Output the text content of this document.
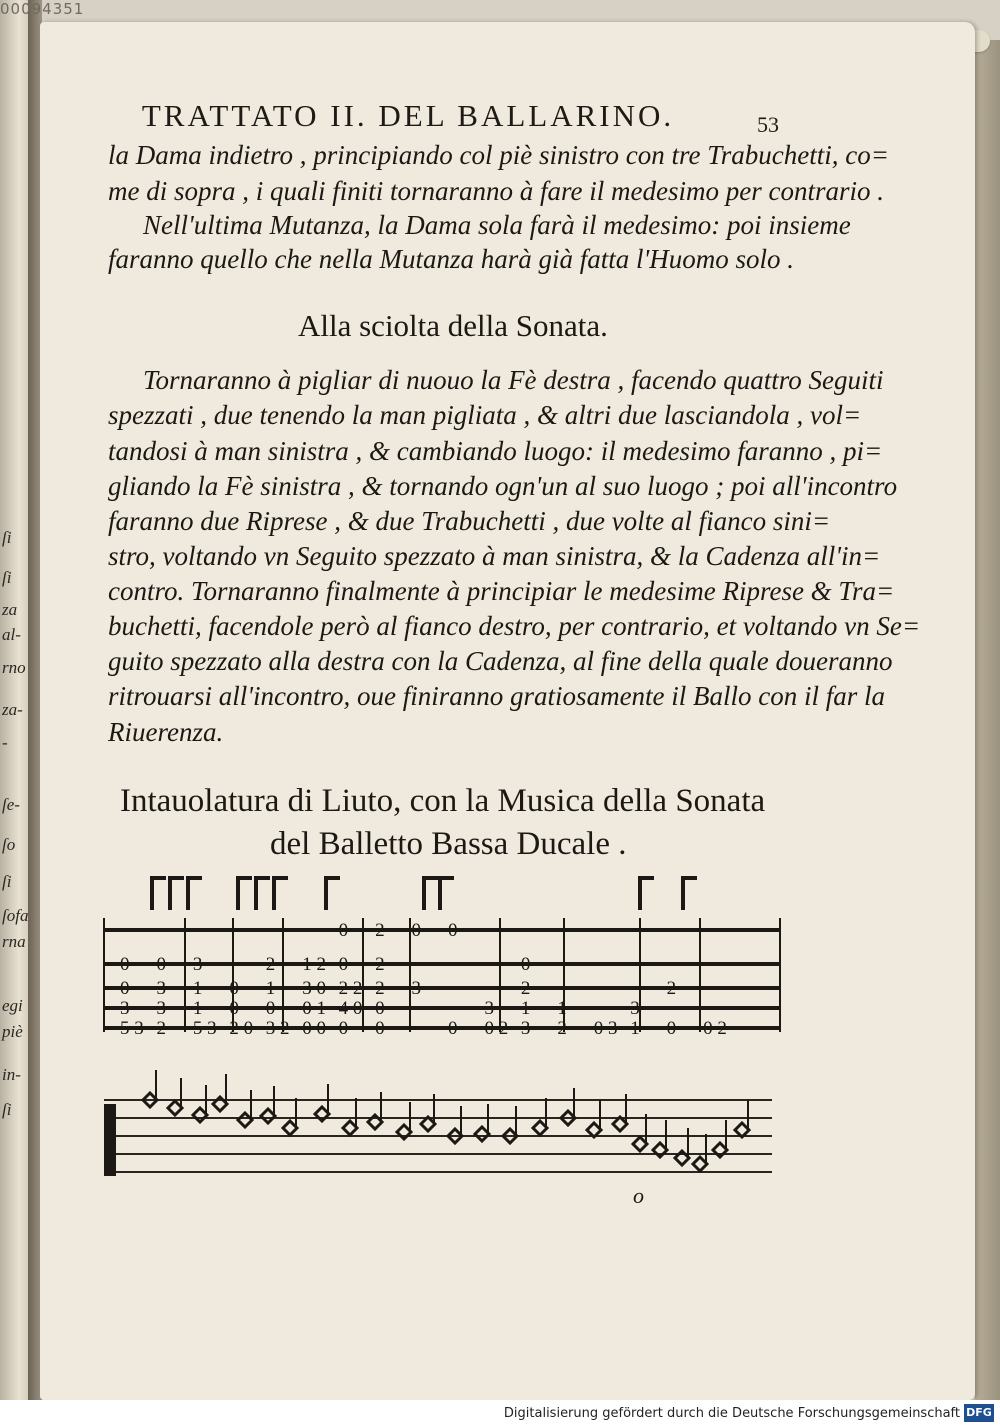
ſi
ſi
za
al-
rno
za-
-
ſe-
ſo
ſi
ſofa
rna
egi
piè
in-
ſi
00094351
TRATTATO II. DEL BALLARINO.	53
la Dama indietro , principiando col piè sinistro con tre Trabuchetti, co=
me di sopra , i quali finiti tornaranno à fare il medesimo per contrario .
Nell'ultima Mutanza, la Dama sola farà il medesimo: poi insieme
faranno quello che nella Mutanza harà già fatta l'Huomo solo .
Alla sciolta della Sonata.
Tornaranno à pigliar di nuouo la Fè destra , facendo quattro Seguiti
spezzati , due tenendo la man pigliata , & altri due lasciandola , vol=
tandosi à man sinistra , & cambiando luogo: il medesimo faranno , pi=
gliando la Fè sinistra , & tornando ogn'un al suo luogo ; poi all'incontro
faranno due Riprese , & due Trabuchetti , due volte al fianco sini=
stro, voltando vn Seguito spezzato à man sinistra, & la Cadenza all'in=
contro. Tornaranno finalmente à principiar le medesime Riprese & Tra=
buchetti, facendole però al fianco destro, per contrario, et voltando vn Se=
guito spezzato alla destra con la Cadenza, al fine della quale doueranno
ritrouarsi all'incontro, oue finiranno gratiosamente il Ballo con il far la
Riuerenza.
Intauolatura di Liuto, con la Musica della Sonata
del Balletto Bassa Ducale .
0 2 0 0
0 0 3	2 1 2 0 2	0
0 3 1 0 1 3 0 2 2 2 3	2	2
3 3 1 0 0 0 1 4 0 0	3 1 1	3
5 3 2 5 3 2 0 3 2 0 0 0 0	0 0 2 3 2 0 3 1 0 0 2
o
Digitalisierung gefördert durch die Deutsche Forschungsgemeinschaft DFG
